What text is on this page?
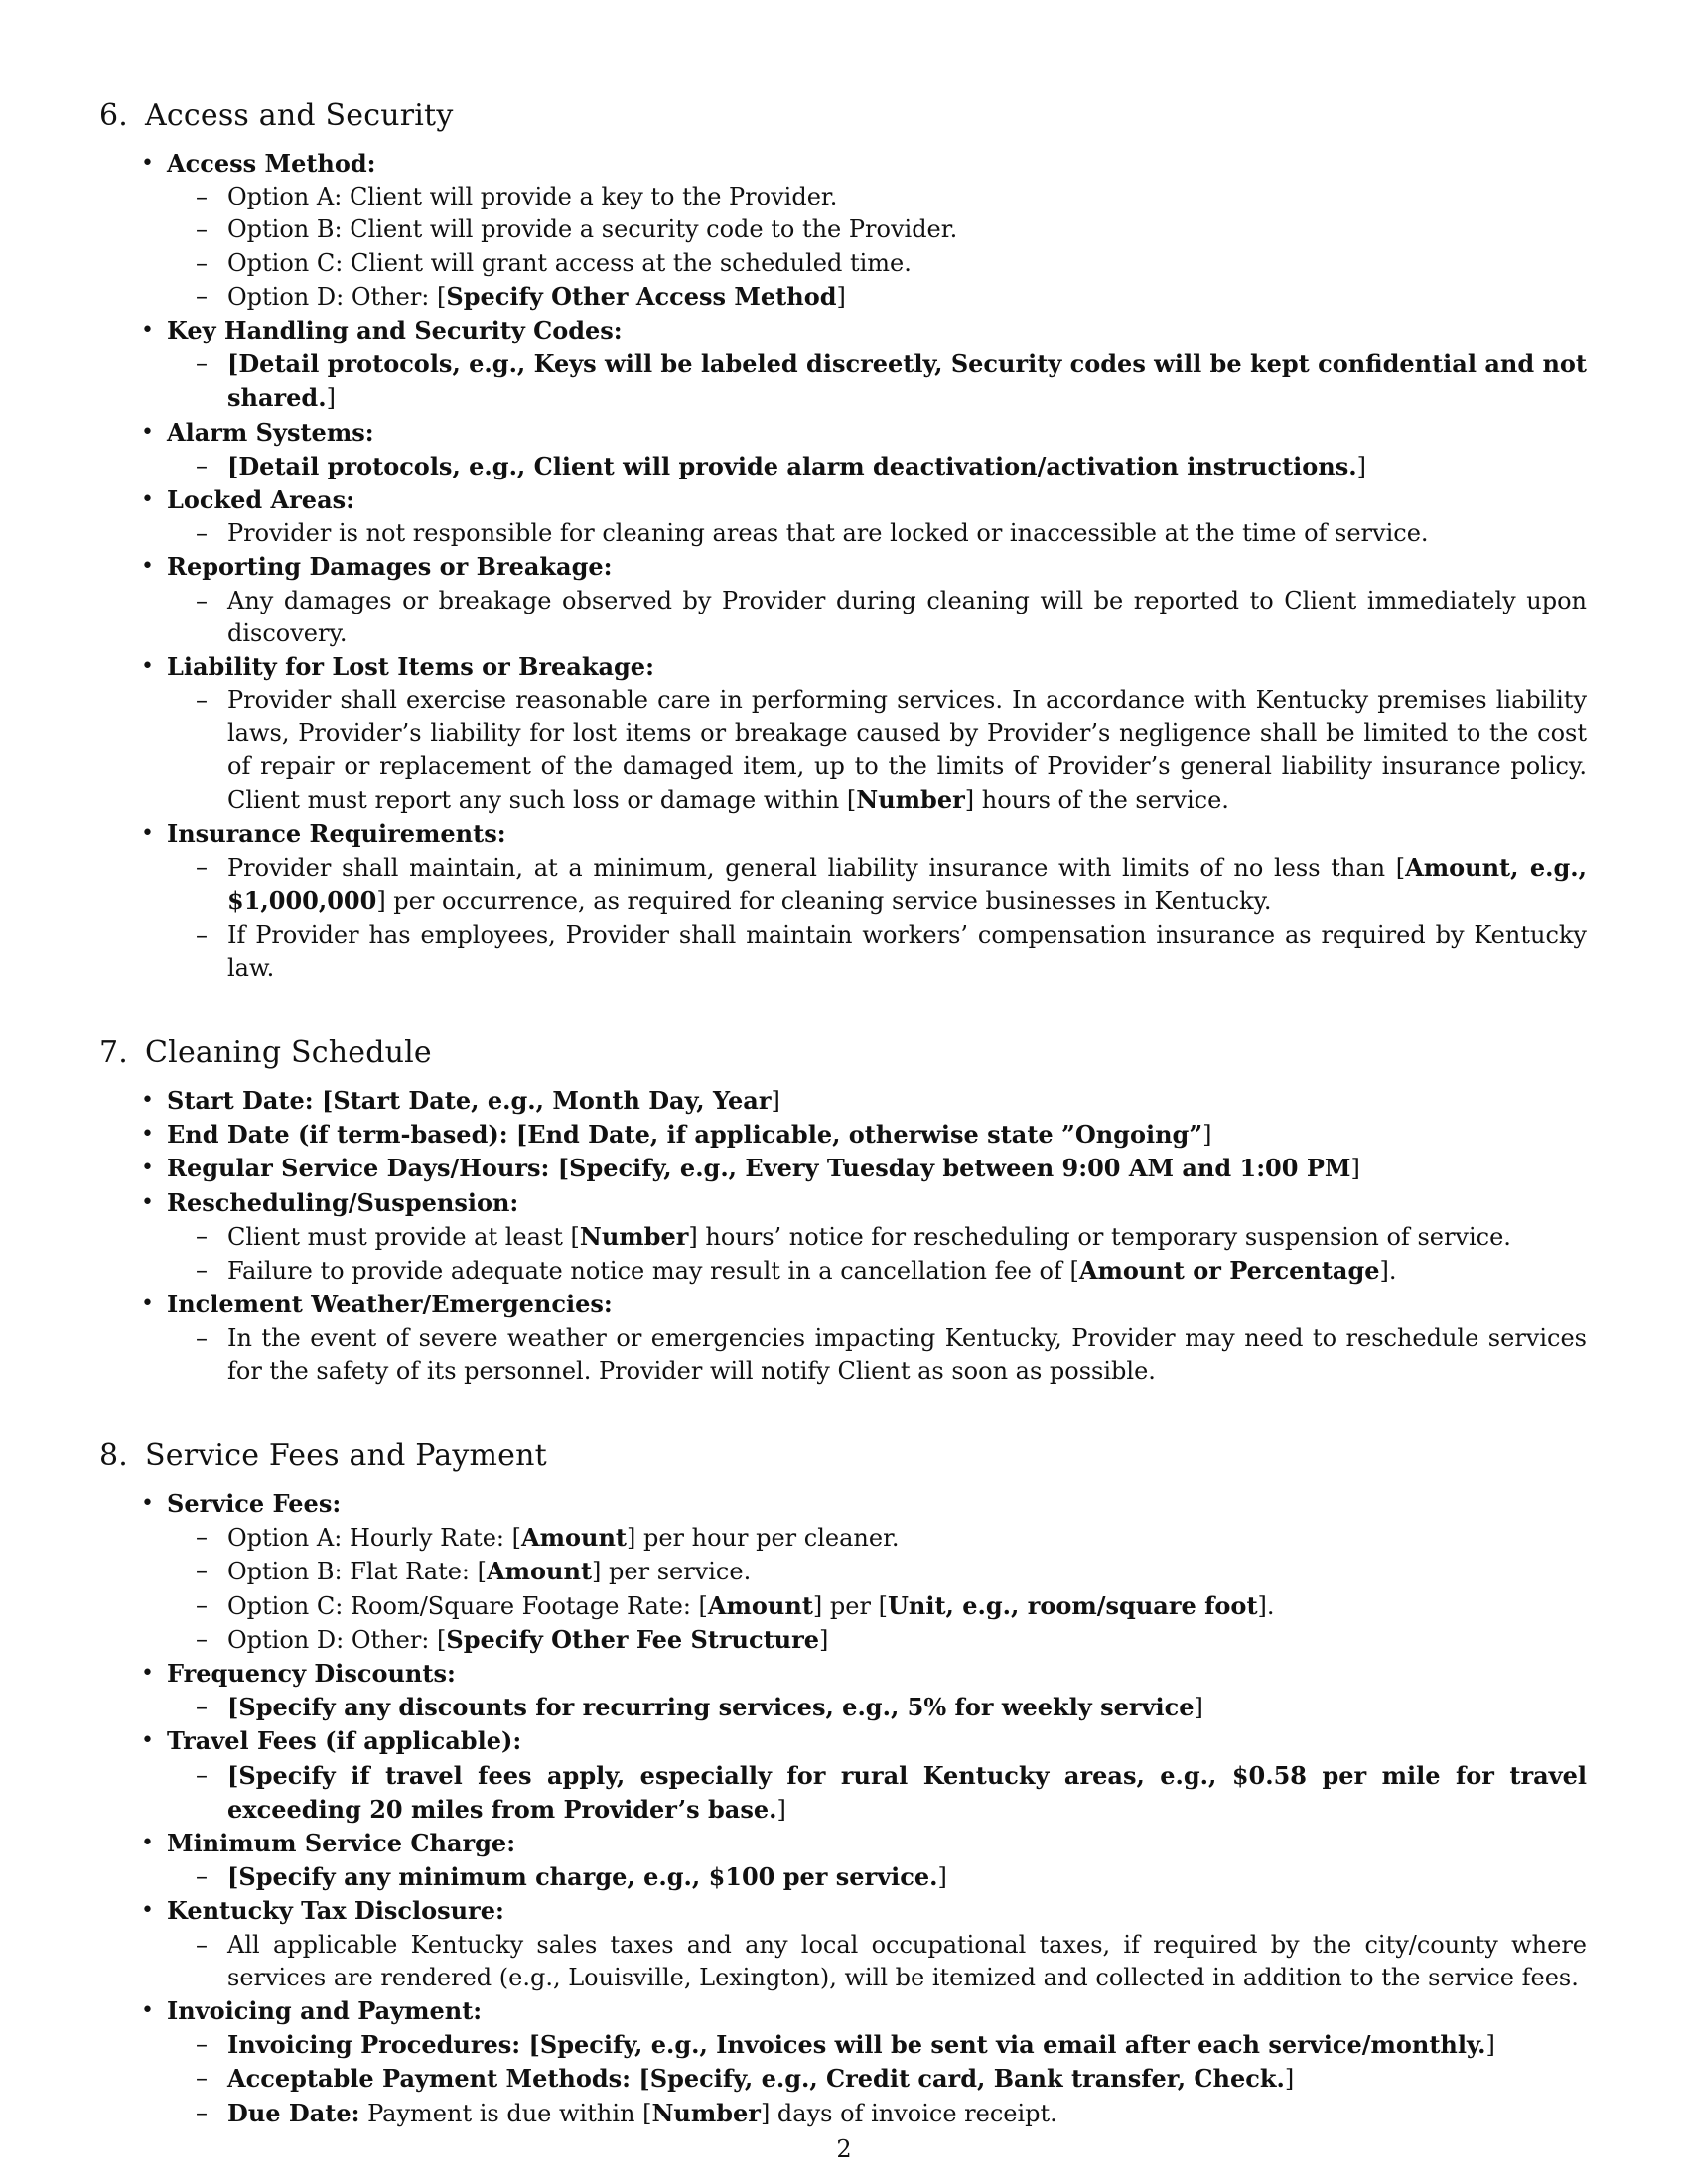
6. Access and Security
• Access Method:
– Option A: Client will provide a key to the Provider.
– Option B: Client will provide a security code to the Provider.
– Option C: Client will grant access at the scheduled time.
– Option D: Other: [Specify Other Access Method]
• Key Handling and Security Codes:
– [Detail protocols, e.g., Keys will be labeled discreetly, Security codes will be kept confidential and not shared.]
• Alarm Systems:
– [Detail protocols, e.g., Client will provide alarm deactivation/activation instructions.]
• Locked Areas:
– Provider is not responsible for cleaning areas that are locked or inaccessible at the time of service.
• Reporting Damages or Breakage:
– Any damages or breakage observed by Provider during cleaning will be reported to Client immediately upon discovery.
• Liability for Lost Items or Breakage:
– Provider shall exercise reasonable care in performing services. In accordance with Kentucky premises liability laws, Provider’s liability for lost items or breakage caused by Provider’s negligence shall be limited to the cost of repair or replacement of the damaged item, up to the limits of Provider’s general liability insurance policy. Client must report any such loss or damage within [Number] hours of the service.
• Insurance Requirements:
– Provider shall maintain, at a minimum, general liability insurance with limits of no less than [Amount, e.g., $1,000,000] per occurrence, as required for cleaning service businesses in Kentucky.
– If Provider has employees, Provider shall maintain workers’ compensation insurance as required by Kentucky law.
7. Cleaning Schedule
• Start Date: [Start Date, e.g., Month Day, Year]
• End Date (if term-based): [End Date, if applicable, otherwise state ”Ongoing”]
• Regular Service Days/Hours: [Specify, e.g., Every Tuesday between 9:00 AM and 1:00 PM]
• Rescheduling/Suspension:
– Client must provide at least [Number] hours’ notice for rescheduling or temporary suspension of service.
– Failure to provide adequate notice may result in a cancellation fee of [Amount or Percentage].
• Inclement Weather/Emergencies:
– In the event of severe weather or emergencies impacting Kentucky, Provider may need to reschedule services for the safety of its personnel. Provider will notify Client as soon as possible.
8. Service Fees and Payment
• Service Fees:
– Option A: Hourly Rate: [Amount] per hour per cleaner.
– Option B: Flat Rate: [Amount] per service.
– Option C: Room/Square Footage Rate: [Amount] per [Unit, e.g., room/square foot].
– Option D: Other: [Specify Other Fee Structure]
• Frequency Discounts:
– [Specify any discounts for recurring services, e.g., 5% for weekly service]
• Travel Fees (if applicable):
– [Specify if travel fees apply, especially for rural Kentucky areas, e.g., $0.58 per mile for travel exceeding 20 miles from Provider’s base.]
• Minimum Service Charge:
– [Specify any minimum charge, e.g., $100 per service.]
• Kentucky Tax Disclosure:
– All applicable Kentucky sales taxes and any local occupational taxes, if required by the city/county where services are rendered (e.g., Louisville, Lexington), will be itemized and collected in addition to the service fees.
• Invoicing and Payment:
– Invoicing Procedures: [Specify, e.g., Invoices will be sent via email after each service/monthly.]
– Acceptable Payment Methods: [Specify, e.g., Credit card, Bank transfer, Check.]
– Due Date: Payment is due within [Number] days of invoice receipt.
2
